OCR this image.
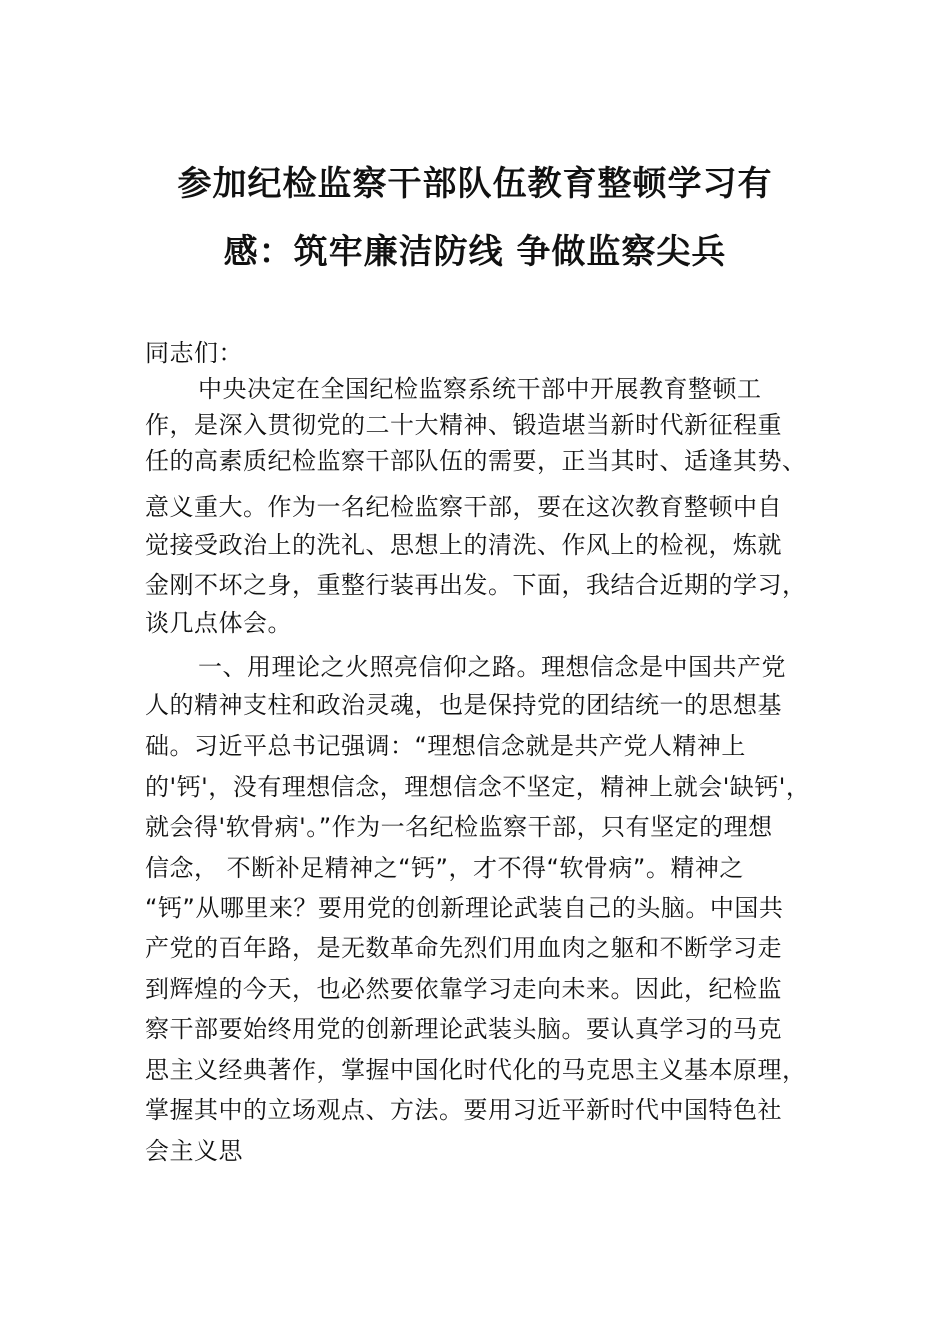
参加纪检监察干部队伍教育整顿学习有
感：筑牢廉洁防线 争做监察尖兵
同志们：
中央决定在全国纪检监察系统干部中开展教育整顿工
作，是深入贯彻党的二十大精神、锻造堪当新时代新征程重
任的高素质纪检监察干部队伍的需要，正当其时、适逢其势、
意义重大。作为一名纪检监察干部，要在这次教育整顿中自
觉接受政治上的洗礼、思想上的清洗、作风上的检视，炼就
金刚不坏之身，重整行装再出发。下面，我结合近期的学习，
谈几点体会。
一、用理论之火照亮信仰之路。理想信念是中国共产党
人的精神支柱和政治灵魂，也是保持党的团结统一的思想基
础。习近平总书记强调：“理想信念就是共产党人精神上
的'钙'，没有理想信念，理想信念不坚定，精神上就会'缺钙'，
就会得'软骨病'。”作为一名纪检监察干部，只有坚定的理想
信念， 不断补足精神之“钙”，才不得“软骨病”。精神之
“钙”从哪里来？要用党的创新理论武装自己的头脑。中国共
产党的百年路，是无数革命先烈们用血肉之躯和不断学习走
到辉煌的今天，也必然要依靠学习走向未来。因此，纪检监
察干部要始终用党的创新理论武装头脑。要认真学习的马克
思主义经典著作，掌握中国化时代化的马克思主义基本原理，
掌握其中的立场观点、方法。要用习近平新时代中国特色社
会主义思
